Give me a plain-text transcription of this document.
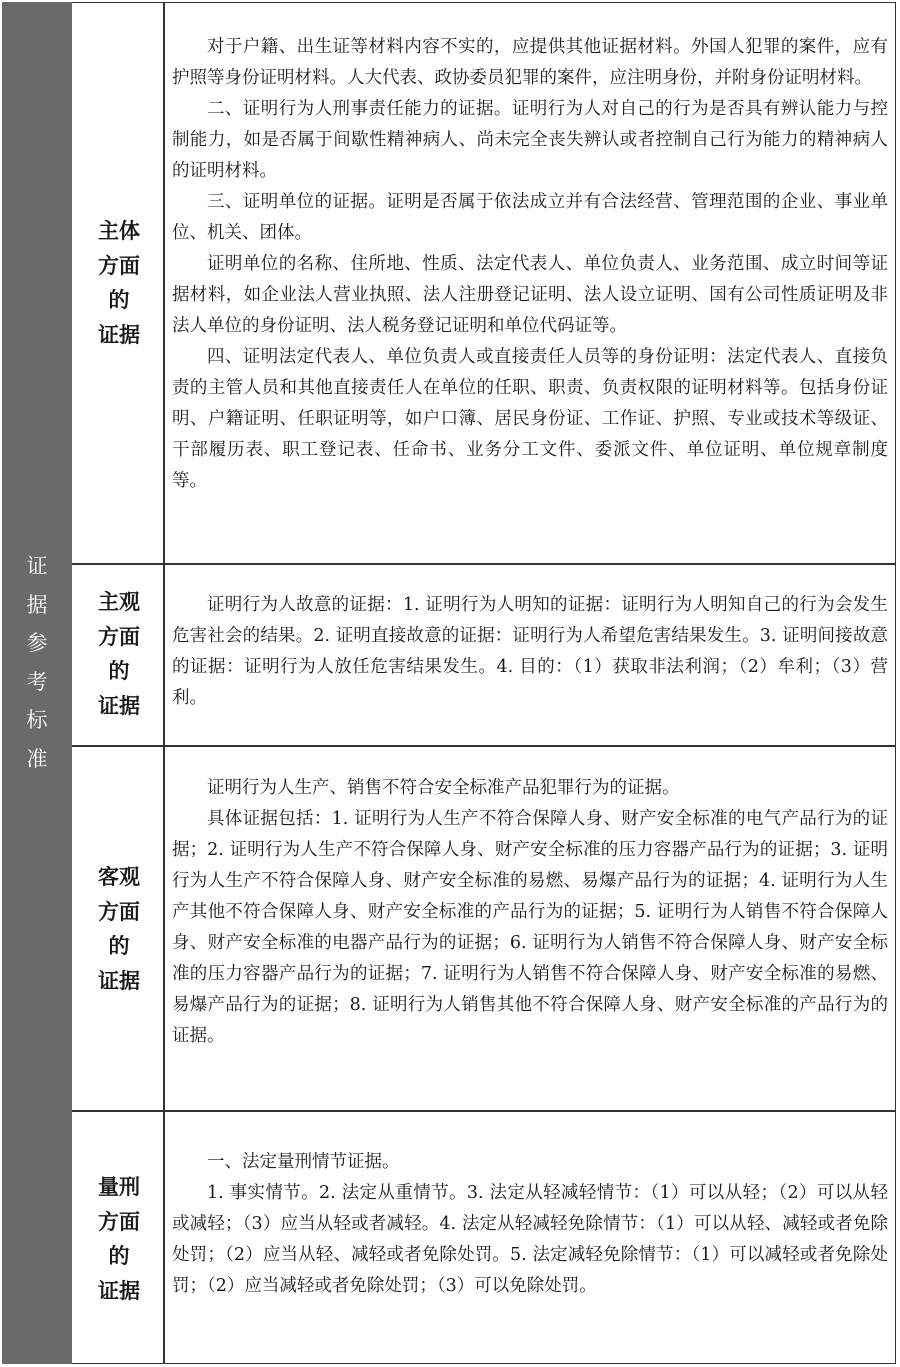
证
据
参
考
标
准
主体
方面
的
证据

对于户籍、出生证等材料内容不实的，应提供其他证据材料。外国人犯罪的案件，应有护照等身份证明材料。人大代表、政协委员犯罪的案件，应注明身份，并附身份证明材料。

二、证明行为人刑事责任能力的证据。证明行为人对自己的行为是否具有辨认能力与控制能力，如是否属于间歇性精神病人、尚未完全丧失辨认或者控制自己行为能力的精神病人的证明材料。

三、证明单位的证据。证明是否属于依法成立并有合法经营、管理范围的企业、事业单位、机关、团体。

证明单位的名称、住所地、性质、法定代表人、单位负责人、业务范围、成立时间等证据材料，如企业法人营业执照、法人注册登记证明、法人设立证明、国有公司性质证明及非法人单位的身份证明、法人税务登记证明和单位代码证等。

四、证明法定代表人、单位负责人或直接责任人员等的身份证明：法定代表人、直接负责的主管人员和其他直接责任人在单位的任职、职责、负责权限的证明材料等。包括身份证明、户籍证明、任职证明等，如户口簿、居民身份证、工作证、护照、专业或技术等级证、干部履历表、职工登记表、任命书、业务分工文件、委派文件、单位证明、单位规章制度等。

主观
方面
的
证据

证明行为人故意的证据：1. 证明行为人明知的证据：证明行为人明知自己的行为会发生危害社会的结果。2. 证明直接故意的证据：证明行为人希望危害结果发生。3. 证明间接故意的证据：证明行为人放任危害结果发生。4. 目的：（1）获取非法利润；（2）牟利；（3）营利。

客观
方面
的
证据

证明行为人生产、销售不符合安全标准产品犯罪行为的证据。

具体证据包括：1. 证明行为人生产不符合保障人身、财产安全标准的电气产品行为的证据；2. 证明行为人生产不符合保障人身、财产安全标准的压力容器产品行为的证据；3. 证明行为人生产不符合保障人身、财产安全标准的易燃、易爆产品行为的证据；4. 证明行为人生产其他不符合保障人身、财产安全标准的产品行为的证据；5. 证明行为人销售不符合保障人身、财产安全标准的电器产品行为的证据；6. 证明行为人销售不符合保障人身、财产安全标准的压力容器产品行为的证据；7. 证明行为人销售不符合保障人身、财产安全标准的易燃、易爆产品行为的证据；8. 证明行为人销售其他不符合保障人身、财产安全标准的产品行为的证据。

量刑
方面
的
证据

一、法定量刑情节证据。

1. 事实情节。2. 法定从重情节。3. 法定从轻减轻情节：（1）可以从轻；（2）可以从轻或减轻；（3）应当从轻或者减轻。4. 法定从轻减轻免除情节：（1）可以从轻、减轻或者免除处罚；（2）应当从轻、减轻或者免除处罚。5. 法定减轻免除情节：（1）可以减轻或者免除处罚；（2）应当减轻或者免除处罚；（3）可以免除处罚。
